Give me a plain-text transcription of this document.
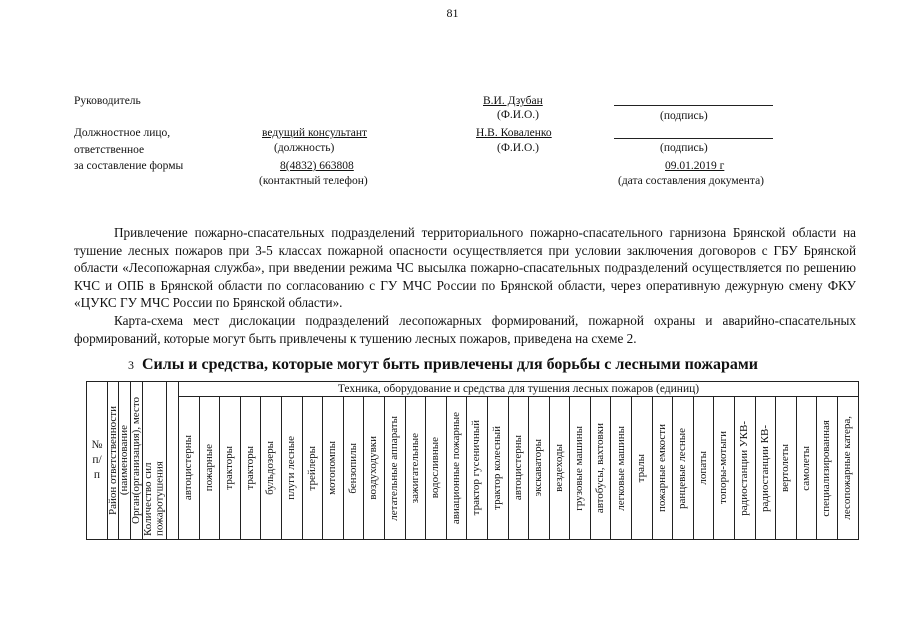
81
Руководитель	В.И. Дзубан
(Ф.И.О.)	(подпись)
Должностное лицо,
ответственное
за составление формы
ведущий консультант
(должность)
Н.В. Коваленко
(Ф.И.О.)	(подпись)
8(4832) 663808
(контактный телефон)
09.01.2019 г
(дата составления документа)
Привлечение пожарно-спасательных подразделений территориального пожарно-спасательного гарнизона Брянской области на тушение лесных пожаров при 3-5 классах пожарной опасности осуществляется при условии заключения договоров с ГБУ Брянской области «Лесопожарная служба», при введении режима ЧС высылка пожарно-спасательных подразделений осуществляется по решению КЧС и ОПБ в Брянской области по согласованию с ГУ МЧС России по Брянской области, через оперативную дежурную смену ФКУ «ЦУКС ГУ МЧС России по Брянской области».
Карта-схема мест дислокации подразделений лесопожарных формирований, пожарной охраны и аварийно-спасательных формирований, которые могут быть привлечены к тушению лесных пожаров, приведена на схеме 2.
3 Силы и средства, которые могут быть привлечены для борьбы с лесными пожарами
№ п/ п	Район ответственности	(наименование	Орган(организация), место	Количество сил пожаротушения		Техника, оборудование и средства для тушения лесных пожаров (единиц)																																

						автоцистерны	пожарные	тракторы	тракторы	бульдозеры	плуги лесные	трейлеры	мотопомпы	бензопилы	воздуходувки	летательные аппараты	зажигательные	водосливные	авиационные пожарные	трактор гусеничный	трактор колесный	автоцистерны	экскаваторы	вездеходы	грузовые машины	автобусы, вахтовки	легковые машины	тралы	пожарные емкости	ранцевые лесные	лопаты	топоры-мотыги	радиостанции УКВ-	радиостанции КВ-	вертолеты	самолеты	специализированная	лесопожарные катера,
